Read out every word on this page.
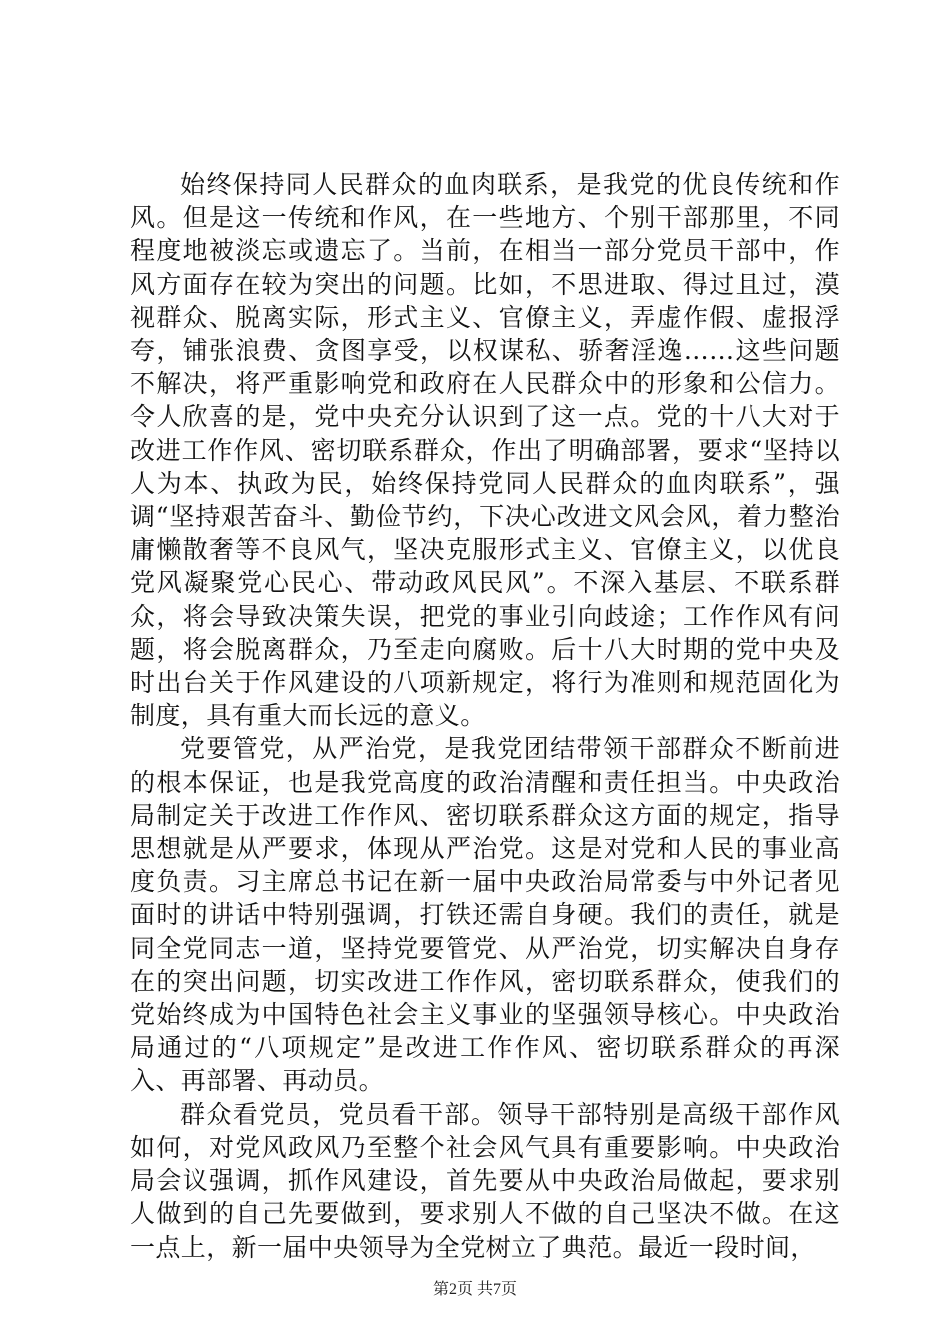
始终保持同人民群众的血肉联系，是我党的优良传统和作风。但是这一传统和作风，在一些地方、个别干部那里，不同程度地被淡忘或遗忘了。当前，在相当一部分党员干部中，作风方面存在较为突出的问题。比如，不思进取、得过且过，漠视群众、脱离实际，形式主义、官僚主义，弄虚作假、虚报浮夸，铺张浪费、贪图享受，以权谋私、骄奢淫逸……这些问题不解决，将严重影响党和政府在人民群众中的形象和公信力。令人欣喜的是，党中央充分认识到了这一点。党的十八大对于改进工作作风、密切联系群众，作出了明确部署，要求“坚持以人为本、执政为民，始终保持党同人民群众的血肉联系”，强调“坚持艰苦奋斗、勤俭节约，下决心改进文风会风，着力整治庸懒散奢等不良风气，坚决克服形式主义、官僚主义，以优良党风凝聚党心民心、带动政风民风”。不深入基层、不联系群众，将会导致决策失误，把党的事业引向歧途；工作作风有问题，将会脱离群众，乃至走向腐败。后十八大时期的党中央及时出台关于作风建设的八项新规定，将行为准则和规范固化为制度，具有重大而长远的意义。

党要管党，从严治党，是我党团结带领干部群众不断前进的根本保证，也是我党高度的政治清醒和责任担当。中央政治局制定关于改进工作作风、密切联系群众这方面的规定，指导思想就是从严要求，体现从严治党。这是对党和人民的事业高度负责。习主席总书记在新一届中央政治局常委与中外记者见面时的讲话中特别强调，打铁还需自身硬。我们的责任，就是同全党同志一道，坚持党要管党、从严治党，切实解决自身存在的突出问题，切实改进工作作风，密切联系群众，使我们的党始终成为中国特色社会主义事业的坚强领导核心。中央政治局通过的“八项规定”是改进工作作风、密切联系群众的再深入、再部署、再动员。

群众看党员，党员看干部。领导干部特别是高级干部作风如何，对党风政风乃至整个社会风气具有重要影响。中央政治局会议强调，抓作风建设，首先要从中央政治局做起，要求别人做到的自己先要做到，要求别人不做的自己坚决不做。在这一点上，新一届中央领导为全党树立了典范。最近一段时间，

第2页 共7页
